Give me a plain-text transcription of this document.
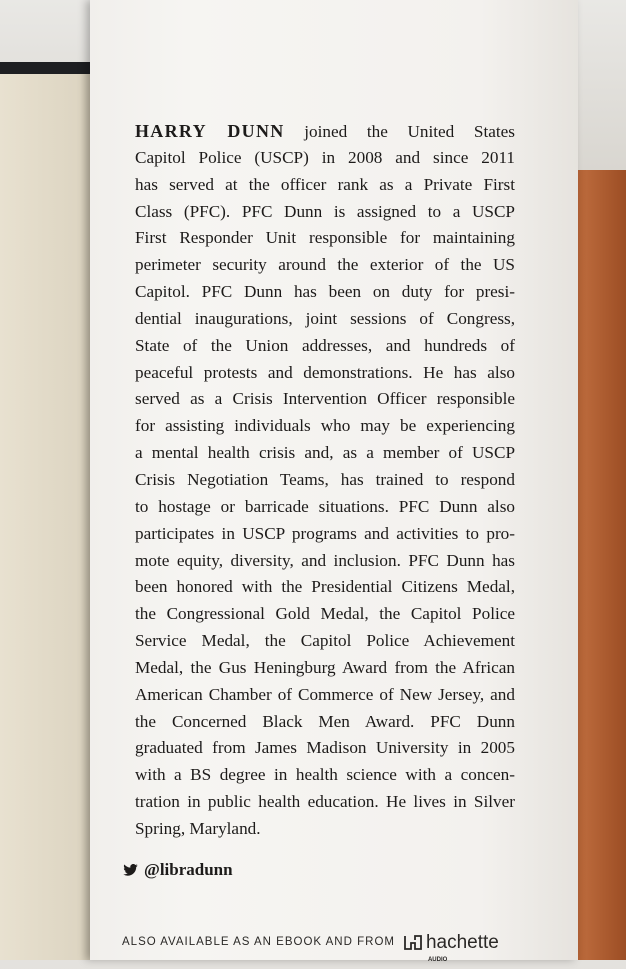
HARRY DUNN joined the United States
Capitol Police (USCP) in 2008 and since 2011
has served at the officer rank as a Private First
Class (PFC). PFC Dunn is assigned to a USCP
First Responder Unit responsible for maintaining
perimeter security around the exterior of the US
Capitol. PFC Dunn has been on duty for presi-
dential inaugurations, joint sessions of Congress,
State of the Union addresses, and hundreds of
peaceful protests and demonstrations. He has also
served as a Crisis Intervention Officer responsible
for assisting individuals who may be experiencing
a mental health crisis and, as a member of USCP
Crisis Negotiation Teams, has trained to respond
to hostage or barricade situations. PFC Dunn also
participates in USCP programs and activities to pro-
mote equity, diversity, and inclusion. PFC Dunn has
been honored with the Presidential Citizens Medal,
the Congressional Gold Medal, the Capitol Police
Service Medal, the Capitol Police Achievement
Medal, the Gus Heningburg Award from the African
American Chamber of Commerce of New Jersey, and
the Concerned Black Men Award. PFC Dunn
graduated from James Madison University in 2005
with a BS degree in health science with a concen-
tration in public health education. He lives in Silver
Spring, Maryland.
@libradunn
ALSO AVAILABLE AS AN EBOOK AND FROM hachette
AUDIO
